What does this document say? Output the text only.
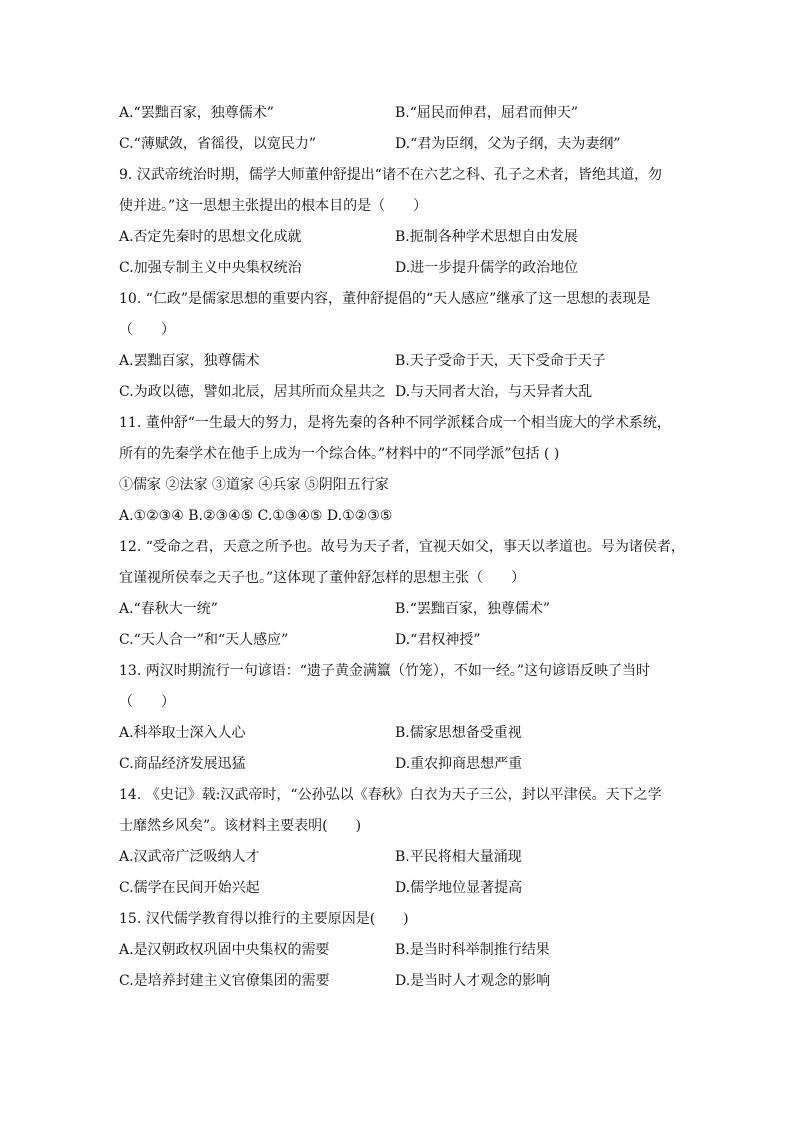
A.“罢黜百家，独尊儒术”	B.“屈民而伸君，屈君而伸天”
C.“薄赋敛，省徭役，以宽民力”	D.“君为臣纲，父为子纲，夫为妻纲”
9. 汉武帝统治时期，儒学大师董仲舒提出“诸不在六艺之科、孔子之术者，皆绝其道，勿
使并进。”这一思想主张提出的根本目的是（　　）
A.否定先秦时的思想文化成就	B.扼制各种学术思想自由发展
C.加强专制主义中央集权统治	D.进一步提升儒学的政治地位
10. “仁政”是儒家思想的重要内容，董仲舒提倡的“天人感应”继承了这一思想的表现是
（　　）
A.罢黜百家，独尊儒术	B.天子受命于天，天下受命于天子
C.为政以德，譬如北辰，居其所而众星共之 D.与天同者大治，与天异者大乱
11. 董仲舒“一生最大的努力，是将先秦的各种不同学派糅合成一个相当庞大的学术系统，
所有的先秦学术在他手上成为一个综合体。”材料中的“不同学派”包括 ( )
①儒家 ②法家 ③道家 ④兵家 ⑤阴阳五行家
A.①②③④ B.②③④⑤ C.①③④⑤ D.①②③⑤
12. “受命之君，天意之所予也。故号为天子者，宜视天如父，事天以孝道也。号为诸侯者，
宜谨视所侯奉之天子也。”这体现了董仲舒怎样的思想主张（　　）
A.“春秋大一统”	B.“罢黜百家，独尊儒术”
C.“天人合一”和“天人感应”	D.“君权神授”
13. 两汉时期流行一句谚语：“遗子黄金满籝（竹笼），不如一经。”这句谚语反映了当时
（　　）
A.科举取士深入人心	B.儒家思想备受重视
C.商品经济发展迅猛	D.重农抑商思想严重
14. 《史记》载:汉武帝时，“公孙弘以《春秋》白衣为天子三公，封以平津侯。天下之学
士靡然乡风矣”。该材料主要表明(　　)
A.汉武帝广泛吸纳人才	B.平民将相大量涌现
C.儒学在民间开始兴起	D.儒学地位显著提高
15. 汉代儒学教育得以推行的主要原因是(　　)
A.是汉朝政权巩固中央集权的需要	B.是当时科举制推行结果
C.是培养封建主义官僚集团的需要	D.是当时人才观念的影响
